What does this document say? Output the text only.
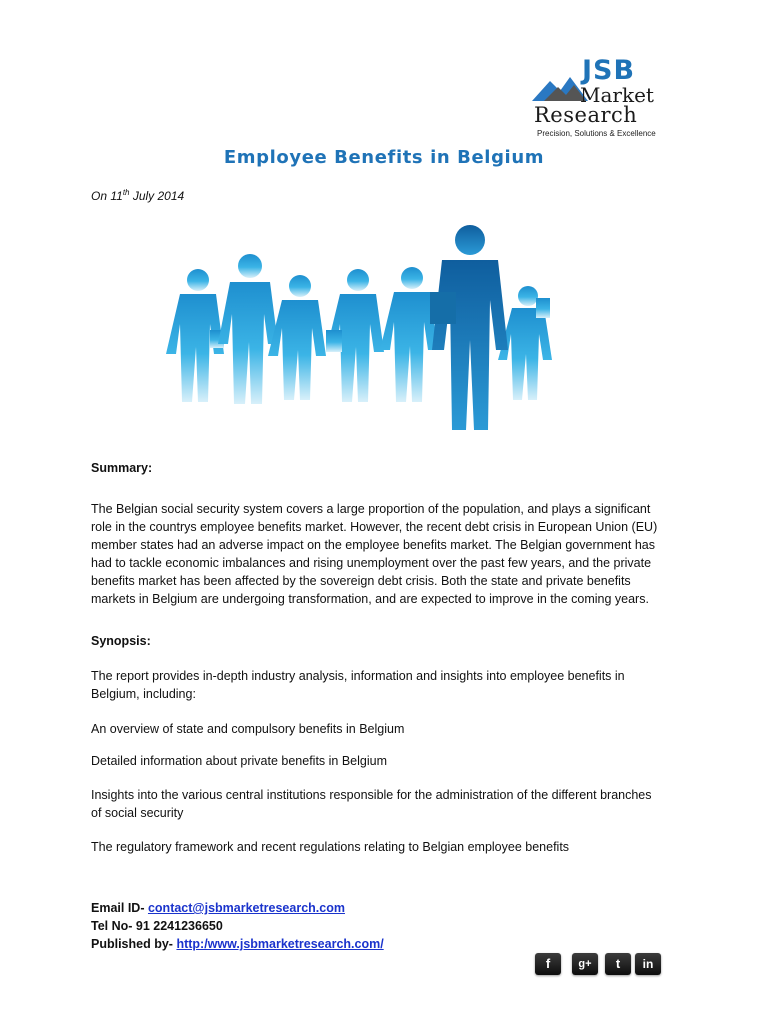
JSB
Market
Research
Precision, Solutions & Excellence
Employee Benefits in Belgium
On 11th July 2014
Summary:
The Belgian social security system covers a large proportion of the population, and plays a significant
role in the countrys employee benefits market. However, the recent debt crisis in European Union (EU)
member states had an adverse impact on the employee benefits market. The Belgian government has
had to tackle economic imbalances and rising unemployment over the past few years, and the private
benefits market has been affected by the sovereign debt crisis. Both the state and private benefits
markets in Belgium are undergoing transformation, and are expected to improve in the coming years.
Synopsis:
The report provides in-depth industry analysis, information and insights into employee benefits in
Belgium, including:
An overview of state and compulsory benefits in Belgium
Detailed information about private benefits in Belgium
Insights into the various central institutions responsible for the administration of the different branches
of social security
The regulatory framework and recent regulations relating to Belgian employee benefits
Email ID- contact@jsbmarketresearch.com
Tel No- 91 2241236650
Published by- http:/www.jsbmarketresearch.com/
f	g+	t	in
